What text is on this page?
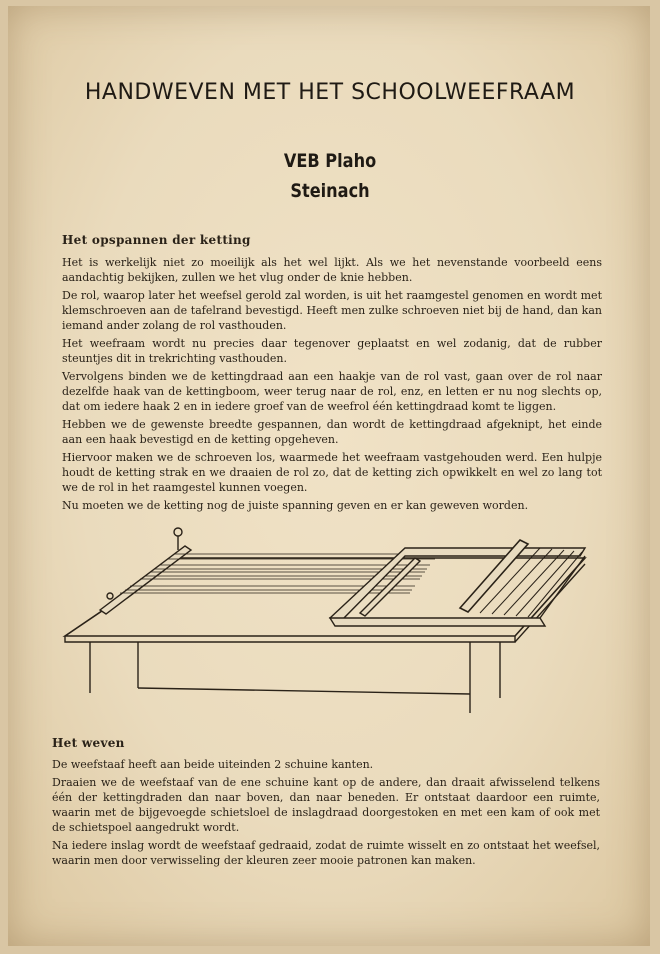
HANDWEVEN MET HET SCHOOLWEEFRAAM
VEB Plaho
Steinach
Het opspannen der ketting

Het is werkelijk niet zo moeilijk als het wel lijkt. Als we het nevenstande voorbeeld eens aandachtig bekijken, zullen we het vlug onder de knie hebben.

De rol, waarop later het weefsel gerold zal worden, is uit het raamgestel genomen en wordt met klemschroeven aan de tafelrand bevestigd. Heeft men zulke schroeven niet bij de hand, dan kan iemand ander zolang de rol vasthouden.

Het weefraam wordt nu precies daar tegenover geplaatst en wel zodanig, dat de rubber steuntjes dit in trekrichting vasthouden.

Vervolgens binden we de kettingdraad aan een haakje van de rol vast, gaan over de rol naar dezelfde haak van de kettingboom, weer terug naar de rol, enz, en letten er nu nog slechts op, dat om iedere haak 2 en in iedere groef van de weefrol één kettingdraad komt te liggen.

Hebben we de gewenste breedte gespannen, dan wordt de kettingdraad afgeknipt, het einde aan een haak bevestigd en de ketting opgeheven.

Hiervoor maken we de schroeven los, waarmede het weefraam vastgehouden werd. Een hulpje houdt de ketting strak en we draaien de rol zo, dat de ketting zich opwikkelt en wel zo lang tot we de rol in het raamgestel kunnen voegen.

Nu moeten we de ketting nog de juiste spanning geven en er kan geweven worden.

Het weven

De weefstaaf heeft aan beide uiteinden 2 schuine kanten.

Draaien we de weefstaaf van de ene schuine kant op de andere, dan draait afwisselend telkens één der kettingdraden dan naar boven, dan naar beneden. Er ontstaat daardoor een ruimte, waarin met de bijgevoegde schietsloel de inslagdraad doorgestoken en met een kam of ook met de schietspoel aangedrukt wordt.

Na iedere inslag wordt de weefstaaf gedraaid, zodat de ruimte wisselt en zo ontstaat het weefsel, waarin men door verwisseling der kleuren zeer mooie patronen kan maken.
